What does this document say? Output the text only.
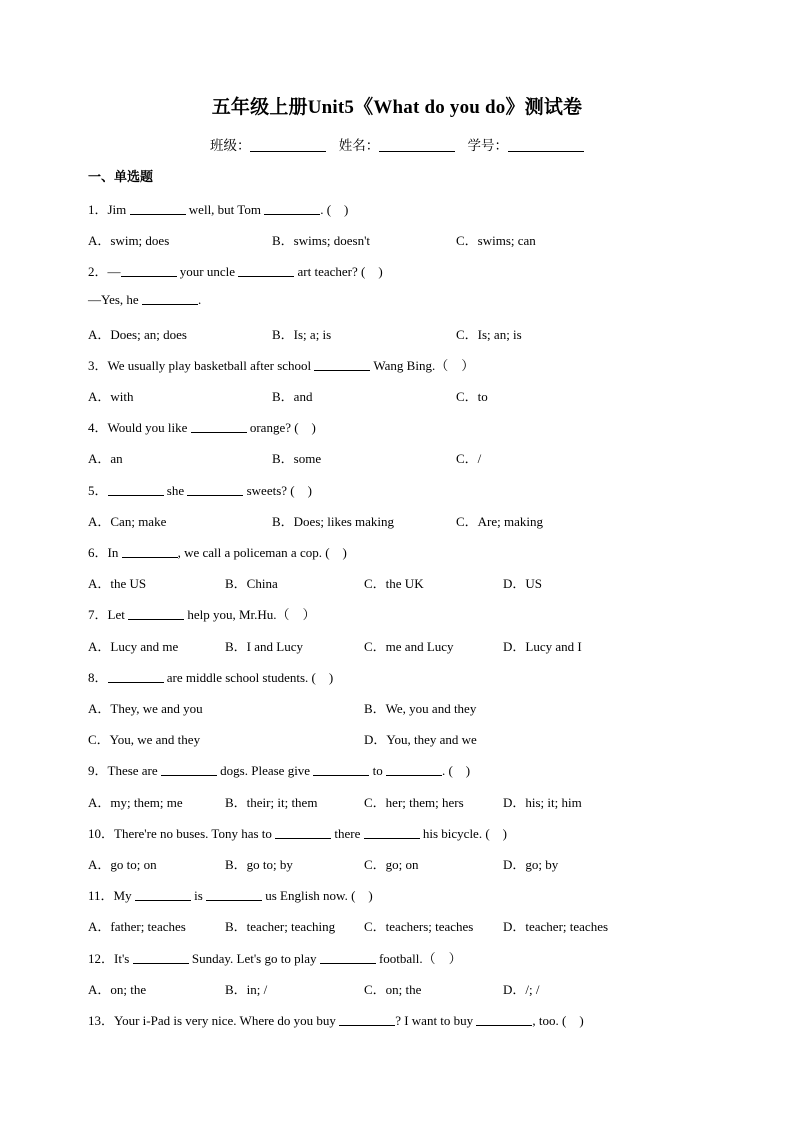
五年级上册Unit5《What do you do》测试卷
班级：	姓名：	学号：
一、单选题
1．Jim	well, but Tom	. (　)
A．swim; does	B．swims; doesn't	C．swims; can
2．—	your uncle	art teacher? (　)
—Yes, he	.
A．Does; an; does	B．Is; a; is	C．Is; an; is
3．We usually play basketball after school	Wang Bing.（　）
A．with	B．and	C．to
4．Would you like	orange? (　)
A．an	B．some	C．/
5．	she	sweets? (　)
A．Can; make	B．Does; likes making	C．Are; making
6．In	, we call a policeman a cop. (　)
A．the US	B．China	C．the UK	D．US
7．Let	help you, Mr.Hu.（　）
A．Lucy and me	B．I and Lucy	C．me and Lucy	D．Lucy and I
8．	are middle school students. (　)
A．They, we and you	B．We, you and they
C．You, we and they	D．You, they and we
9．These are	dogs. Please give	to	. (　)
A．my; them; me	B．their; it; them	C．her; them; hers	D．his; it; him
10．There're no buses. Tony has to	there	his bicycle. (　)
A．go to; on	B．go to; by	C．go; on	D．go; by
11．My	is	us English now. (　)
A．father; teaches	B．teacher; teaching C．teachers; teaches D．teacher; teaches
12．It's	Sunday. Let's go to play	football.（　）
A．on; the	B．in; /	C．on; the	D．/; /
13．Your i-Pad is very nice. Where do you buy	? I want to buy	, too. (　)
